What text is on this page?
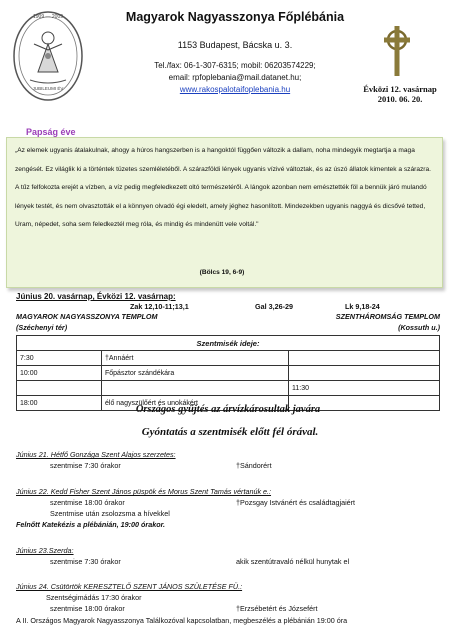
1909 — 2009
JUBILEUMI ÉV
Magyarok Nagyasszonya Főplébánia
1153 Budapest, Bácska u. 3.
Tel./fax: 06-1-307-6315; mobil: 06203574229;
email: rpfoplebania@mail.datanet.hu;
www.rakospalotaifoplebania.hu	Évközi 12. vasárnap
2010. 06. 20.
Papság éve
„Az elemek ugyanis átalakulnak, ahogy a húros hangszerben is a hangoktól függően változik a dallam, noha mindegyik megtartja a maga zengését. Ez világlik ki a történtek tüzetes szemléletéből. A szárazföldi lények ugyanis vízivé változtak, és az úszó állatok kimentek a szárazra. A tűz felfokozta erejét a vízben, a víz pedig megfeledkezett oltó természetéről. A lángok azonban nem emésztették föl a bennük járó mulandó lények testét, és nem olvasztották el a könnyen olvadó égi eledelt, amely jéghez hasonlított. Mindezekben ugyanis naggyá és dicsővé tetted, Uram, népedet, soha sem feledkeztél meg róla, és mindig és mindenütt vele voltál."
(Bölcs 19, 6-9)
Június 20. vasárnap, Évközi 12. vasárnap:
Zak 12,10-11;13,1	Gal 3,26-29	Lk 9,18-24
MAGYAROK NAGYASSZONYA TEMPLOM
(Széchenyi tér)
SZENTHÁROMSÁG TEMPLOM
(Kossuth u.)
Szentmisék ideje:		
7:30	†Annáért	
10:00	Főpásztor szándékára	
		11:30
18:00	élő nagyszülőért és unokákért	
Országos gyűjtés az árvízkárosultak javára
Gyóntatás a szentmisék előtt fél órával.
Június 21. Hétfő Gonzága Szent Alajos szerzetes:
szentmise 7:30 órakor	†Sándorért
Június 22. Kedd Fisher Szent János püspök és Morus Szent Tamás vértanúk e.:
szentmise 18:00 órakor	†Pozsgay Istvánért és családtagjaiért
Szentmise után zsolozsma a hívekkel
Felnőtt Katekézis a plébánián, 19:00 órakor.
Június 23.Szerda:
szentmise 7:30 órakor	akik szentútravaló nélkül hunytak el
Június 24. Csütörtök KERESZTELŐ SZENT JÁNOS SZÜLETÉSE FÜ.:
Szentségimádás 17:30 órakor
szentmise 18:00 órakor	†Erzsébetért és Józsefért
A II. Országos Magyarok Nagyasszonya Találkozóval kapcsolatban, megbeszélés a plébánián 19:00 óra
